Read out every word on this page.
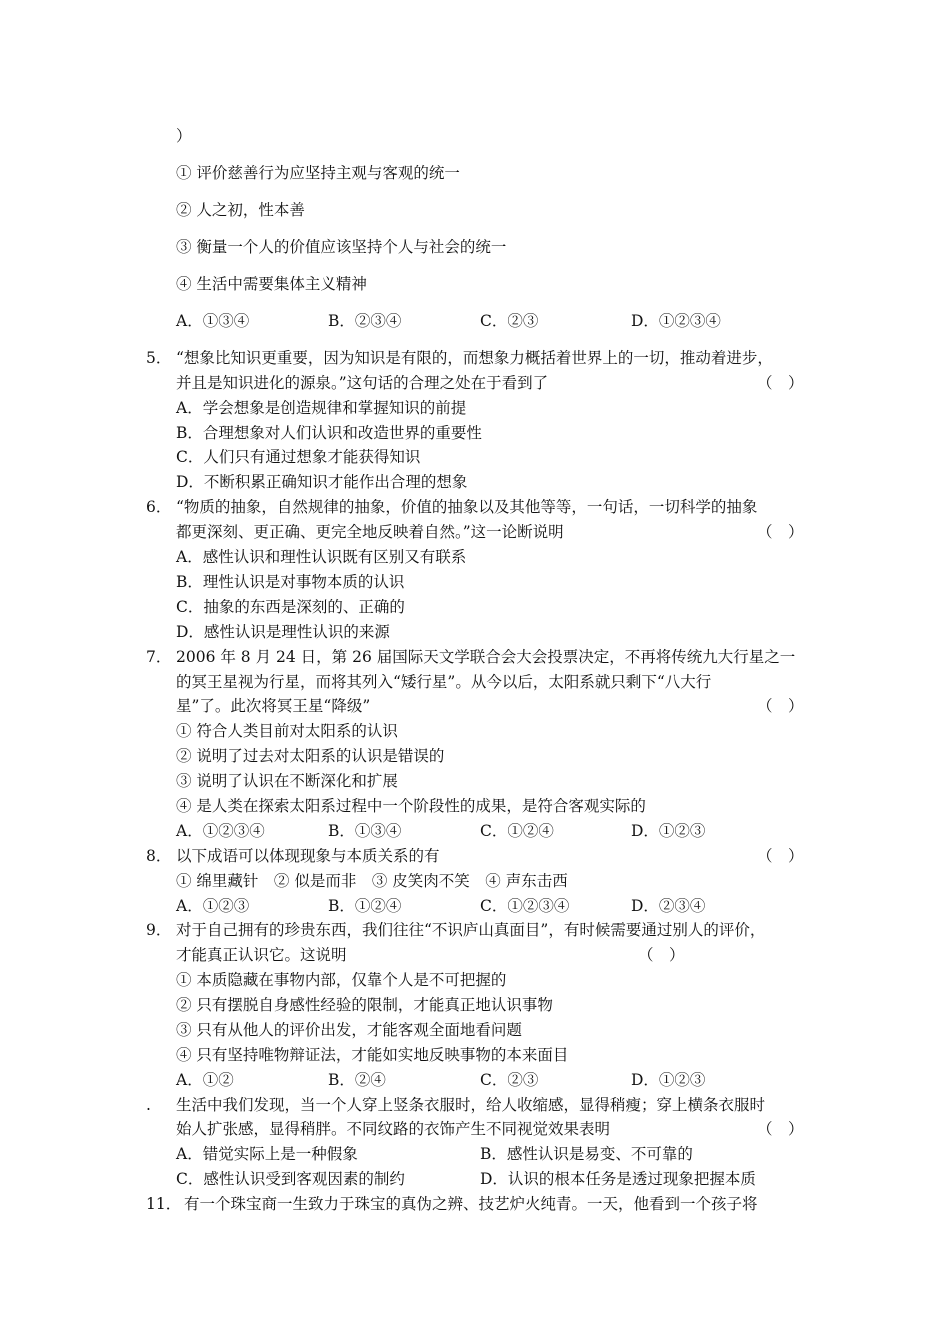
）
① 评价慈善行为应坚持主观与客观的统一
② 人之初，性本善
③ 衡量一个人的价值应该坚持个人与社会的统一
④ 生活中需要集体主义精神
A．①③④	B．②③④	C．②③	D．①②③④
5． “想象比知识更重要，因为知识是有限的，而想象力概括着世界上的一切，推动着进步，
并且是知识进化的源泉。”这句话的合理之处在于看到了	（　）
A．学会想象是创造规律和掌握知识的前提
B．合理想象对人们认识和改造世界的重要性
C．人们只有通过想象才能获得知识
D．不断积累正确知识才能作出合理的想象
6． “物质的抽象，自然规律的抽象，价值的抽象以及其他等等，一句话，一切科学的抽象
都更深刻、更正确、更完全地反映着自然。”这一论断说明	（　）
A．感性认识和理性认识既有区别又有联系
B．理性认识是对事物本质的认识
C．抽象的东西是深刻的、正确的
D．感性认识是理性认识的来源
7． 2006 年 8 月 24 日，第 26 届国际天文学联合会大会投票决定，不再将传统九大行星之一
的冥王星视为行星，而将其列入“矮行星”。从今以后，太阳系就只剩下“八大行
星”了。此次将冥王星“降级”	（　）
① 符合人类目前对太阳系的认识
② 说明了过去对太阳系的认识是错误的
③ 说明了认识在不断深化和扩展
④ 是人类在探索太阳系过程中一个阶段性的成果，是符合客观实际的
A．①②③④	B．①③④	C．①②④	D．①②③
8． 以下成语可以体现现象与本质关系的有	（　）
① 绵里藏针　② 似是而非　③ 皮笑肉不笑　④ 声东击西
A．①②③	B．①②④	C．①②③④	D．②③④
9． 对于自己拥有的珍贵东西，我们往往“不识庐山真面目”，有时候需要通过别人的评价，
才能真正认识它。这说明	（　）
① 本质隐藏在事物内部，仅靠个人是不可把握的
② 只有摆脱自身感性经验的限制，才能真正地认识事物
③ 只有从他人的评价出发，才能客观全面地看问题
④ 只有坚持唯物辩证法，才能如实地反映事物的本来面目
A．①②	B．②④	C．②③	D．①②③
. 生活中我们发现，当一个人穿上竖条衣服时，给人收缩感，显得稍瘦；穿上横条衣服时
始人扩张感，显得稍胖。不同纹路的衣饰产生不同视觉效果表明	（　）
A．错觉实际上是一种假象	B．感性认识是易变、不可靠的
C．感性认识受到客观因素的制约	D．认识的根本任务是透过现象把握本质
11． 有一个珠宝商一生致力于珠宝的真伪之辨、技艺炉火纯青。一天，他看到一个孩子将
